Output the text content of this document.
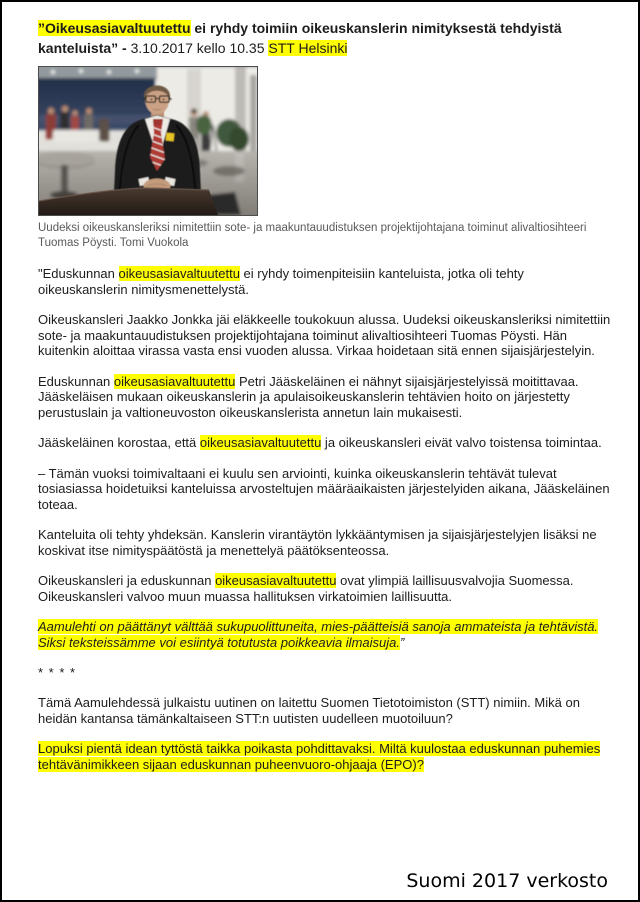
”Oikeusasiavaltuutettu ei ryhdy toimiin oikeuskanslerin nimityksestä tehdyistä kanteluista” - 3.10.2017 kello 10.35 STT Helsinki
Uudeksi oikeuskansleriksi nimitettiin sote- ja maakuntauudistuksen projektijohtajana toiminut alivaltiosihteeri Tuomas Pöysti. Tomi Vuokola

"Eduskunnan oikeusasiavaltuutettu ei ryhdy toimenpiteisiin kanteluista, jotka oli tehty oikeuskanslerin nimitysmenettelystä.

Oikeuskansleri Jaakko Jonkka jäi eläkkeelle toukokuun alussa. Uudeksi oikeuskansleriksi nimitettiin sote- ja maakuntauudistuksen projektijohtajana toiminut alivaltiosihteeri Tuomas Pöysti. Hän kuitenkin aloittaa virassa vasta ensi vuoden alussa. Virkaa hoidetaan sitä ennen sijaisjärjestelyin.

Eduskunnan oikeusasiavaltuutettu Petri Jääskeläinen ei nähnyt sijaisjärjestelyissä moitittavaa. Jääskeläisen mukaan oikeuskanslerin ja apulaisoikeuskanslerin tehtävien hoito on järjestetty perustuslain ja valtioneuvoston oikeuskanslerista annetun lain mukaisesti.

Jääskeläinen korostaa, että oikeusasiavaltuutettu ja oikeuskansleri eivät valvo toistensa toimintaa.

– Tämän vuoksi toimivaltaani ei kuulu sen arviointi, kuinka oikeuskanslerin tehtävät tulevat tosiasiassa hoidetuiksi kanteluissa arvosteltujen määräaikaisten järjestelyiden aikana, Jääskeläinen toteaa.

Kanteluita oli tehty yhdeksän. Kanslerin virantäytön lykkääntymisen ja sijaisjärjestelyjen lisäksi ne koskivat itse nimityspäätöstä ja menettelyä päätöksenteossa.

Oikeuskansleri ja eduskunnan oikeusasiavaltuutettu ovat ylimpiä laillisuusvalvojia Suomessa. Oikeuskansleri valvoo muun muassa hallituksen virkatoimien laillisuutta.

Aamulehti on päättänyt välttää sukupuolittuneita, mies-päätteisiä sanoja ammateista ja tehtävistä. Siksi teksteissämme voi esiintyä totutusta poikkeavia ilmaisuja.”

* * * *

Tämä Aamulehdessä julkaistu uutinen on laitettu Suomen Tietotoimiston (STT) nimiin. Mikä on heidän kantansa tämänkaltaiseen STT:n uutisten uudelleen muotoiluun?

Lopuksi pientä idean tyttöstä taikka poikasta pohdittavaksi. Miltä kuulostaa eduskunnan puhemies tehtävänimikkeen sijaan eduskunnan puheenvuoro-ohjaaja (EPO)?

Suomi 2017 verkosto
